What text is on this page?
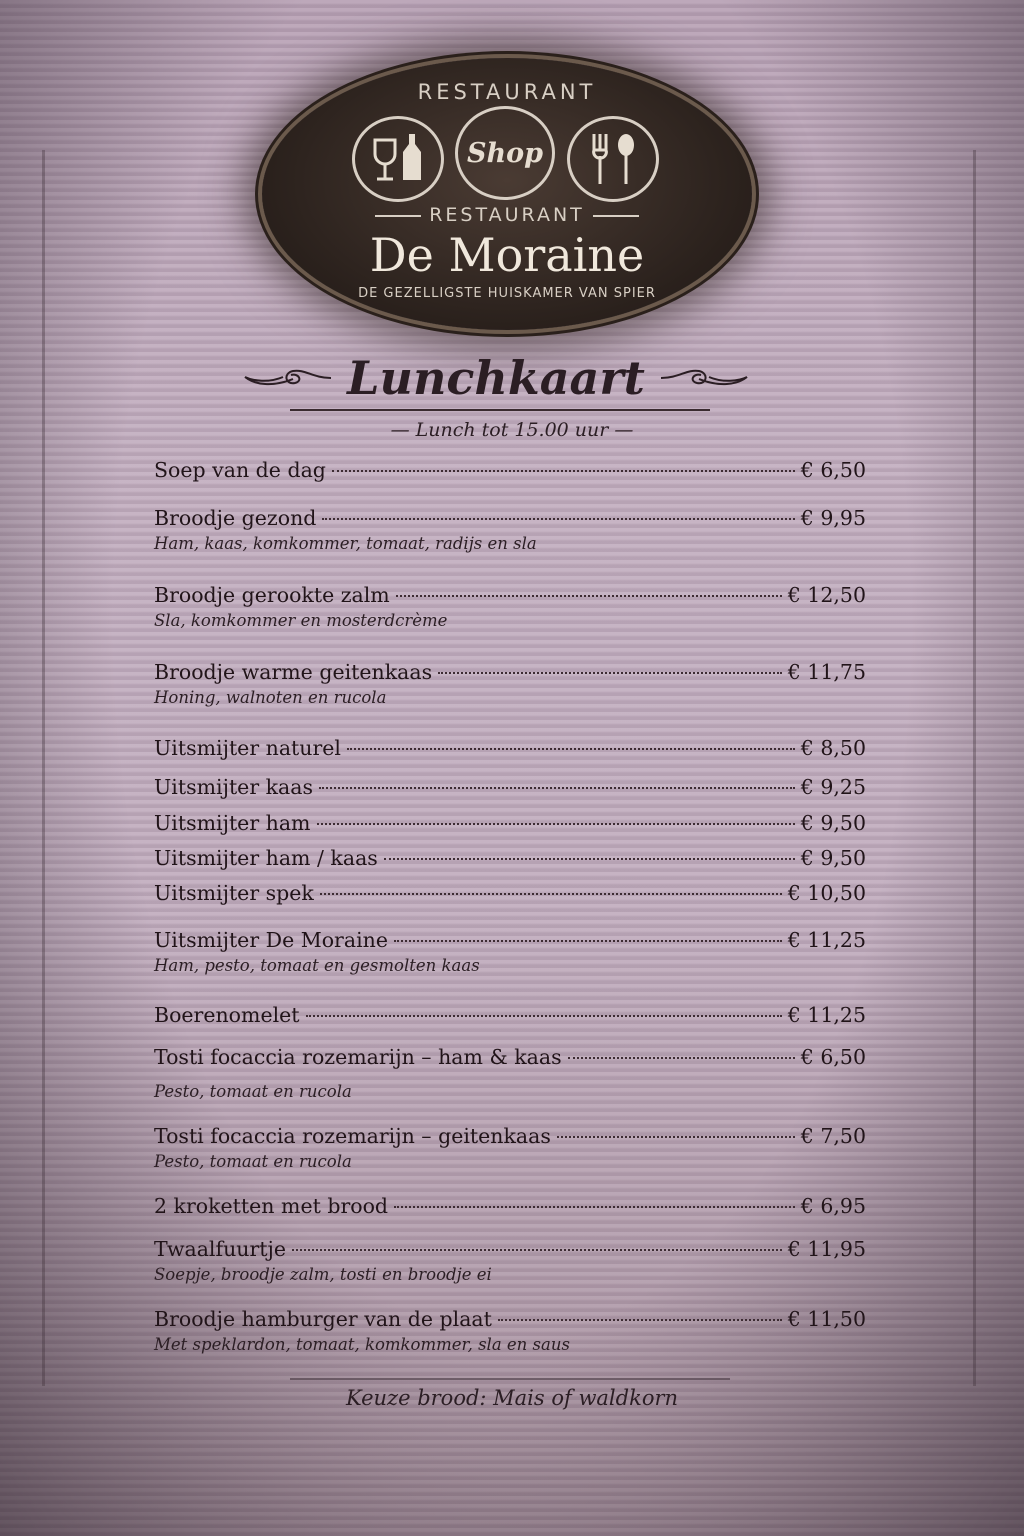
RESTAURANT
Shop
RESTAURANT
De Moraine
DE GEZELLIGSTE HUISKAMER VAN SPIER
Lunchkaart
— Lunch tot 15.00 uur —
Soep van de dag	€ 6,50
Broodje gezond	€ 9,95
Ham, kaas, komkommer, tomaat, radijs en sla
Broodje gerookte zalm	€ 12,50
Sla, komkommer en mosterdcrème
Broodje warme geitenkaas	€ 11,75
Honing, walnoten en rucola
Uitsmijter naturel	€ 8,50
Uitsmijter kaas	€ 9,25
Uitsmijter ham	€ 9,50
Uitsmijter ham / kaas	€ 9,50
Uitsmijter spek	€ 10,50
Uitsmijter De Moraine	€ 11,25
Ham, pesto, tomaat en gesmolten kaas
Boerenomelet	€ 11,25
Tosti focaccia rozemarijn – ham & kaas	€ 6,50
Pesto, tomaat en rucola
Tosti focaccia rozemarijn – geitenkaas	€ 7,50
Pesto, tomaat en rucola
2 kroketten met brood	€ 6,95
Twaalfuurtje	€ 11,95
Soepje, broodje zalm, tosti en broodje ei
Broodje hamburger van de plaat	€ 11,50
Met speklardon, tomaat, komkommer, sla en saus
Keuze brood: Mais of waldkorn
